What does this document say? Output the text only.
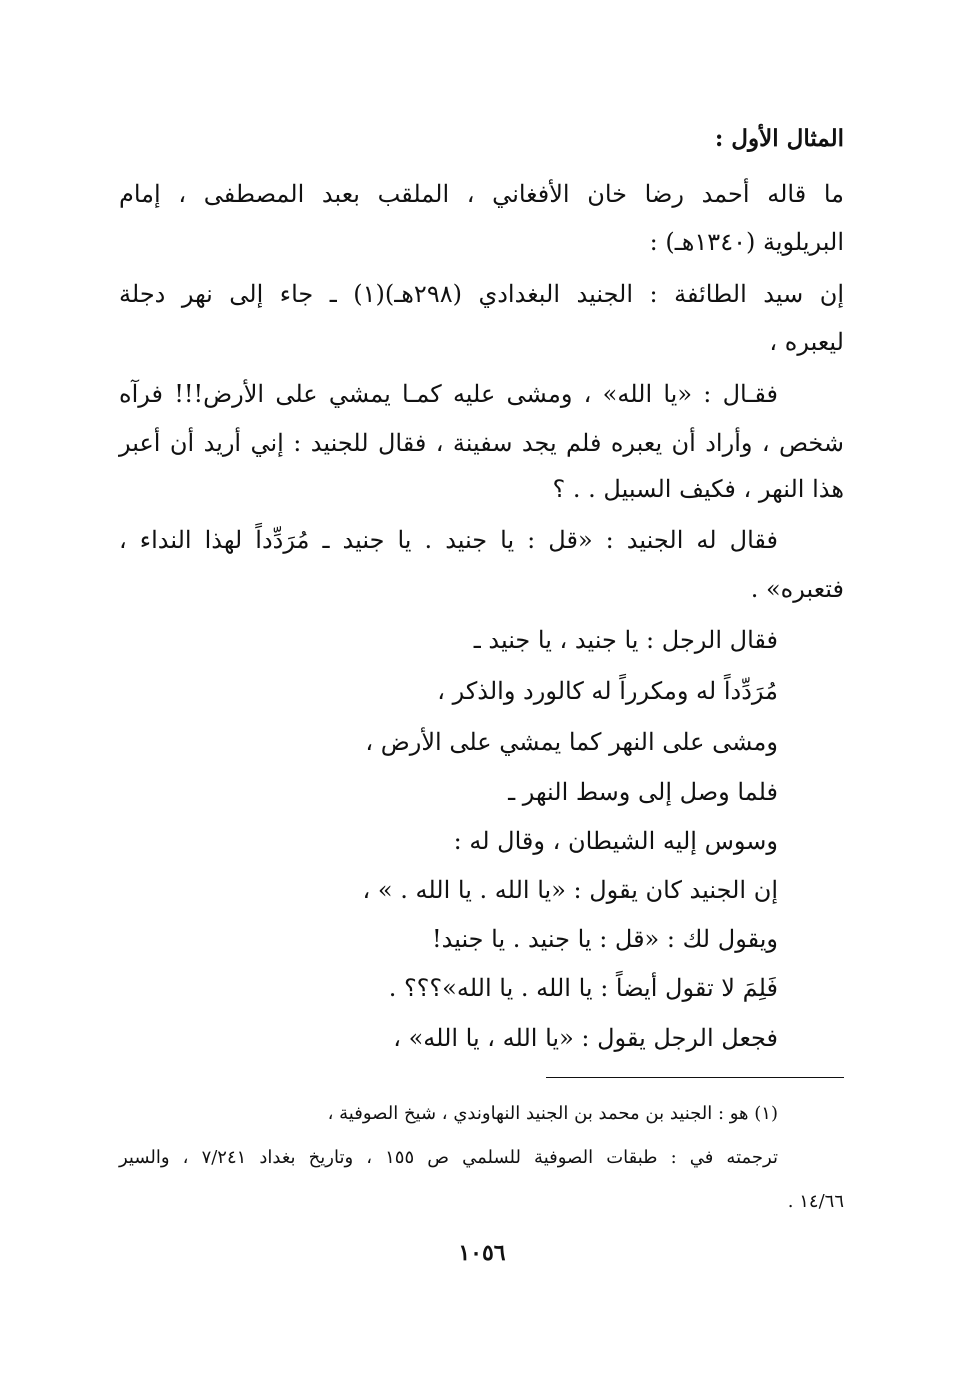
المثال الأول :
ما قاله أحمد رضا خان الأفغاني ، الملقب بعبد المصطفى ، إمام
البريلوية (١٣٤٠هـ) :
إن سيد الطائفة : الجنيد البغدادي (٢٩٨هـ)(١) ـ جاء إلى نهر دجلة
ليعبره ،
فقـال : «يا الله» ، ومشى عليه كمـا يمشي على الأرض!!! فرآه
شخص ، وأراد أن يعبره فلم يجد سفينة ، فقال للجنيد : إني أريد أن أعبر
هذا النهر ، فكيف السبيل . . ؟
فقال له الجنيد : «قل : يا جنيد . يا جنيد ـ مُرَدِّداً لهذا النداء ،
فتعبره» .
فقال الرجل : يا جنيد ، يا جنيد ـ
مُرَدِّداً له ومكرراً له كالورد والذكر ،
ومشى على النهر كما يمشي على الأرض ،
فلما وصل إلى وسط النهر ـ
وسوس إليه الشيطان ، وقال له :
إن الجنيد كان يقول : «يا الله . يا الله . » ،
ويقول لك : «قل : يا جنيد . يا جنيد!
فَلِمَ لا تقول أيضاً : يا الله . يا الله»؟؟؟ .
فجعل الرجل يقول : «يا الله ، يا الله» ،
(١) هو : الجنيد بن محمد بن الجنيد النهاوندي ، شيخ الصوفية ،
ترجمته في : طبقات الصوفية للسلمي ص ١٥٥ ، وتاريخ بغداد ٧/٢٤١ ، والسير
١٤/٦٦ .
١٠٥٦
